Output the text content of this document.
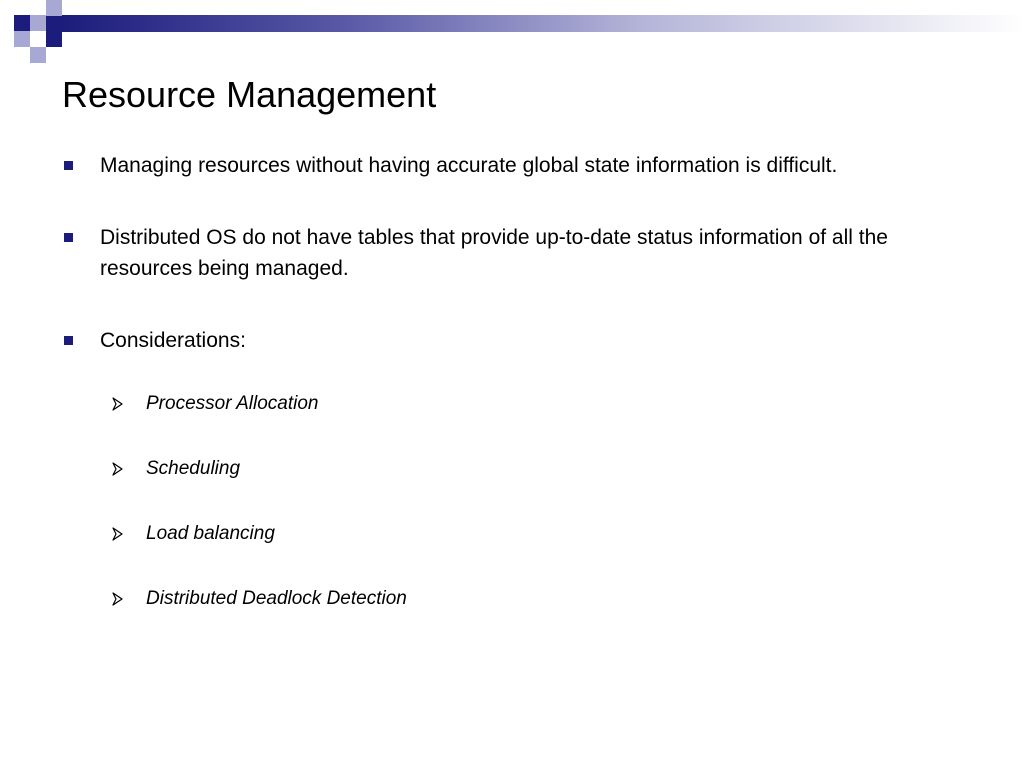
Resource Management
Managing resources without having accurate global state information is difficult.
Distributed OS do not have tables that provide up-to-date status information of all the resources being managed.
Considerations:
Processor Allocation
Scheduling
Load balancing
Distributed Deadlock Detection
